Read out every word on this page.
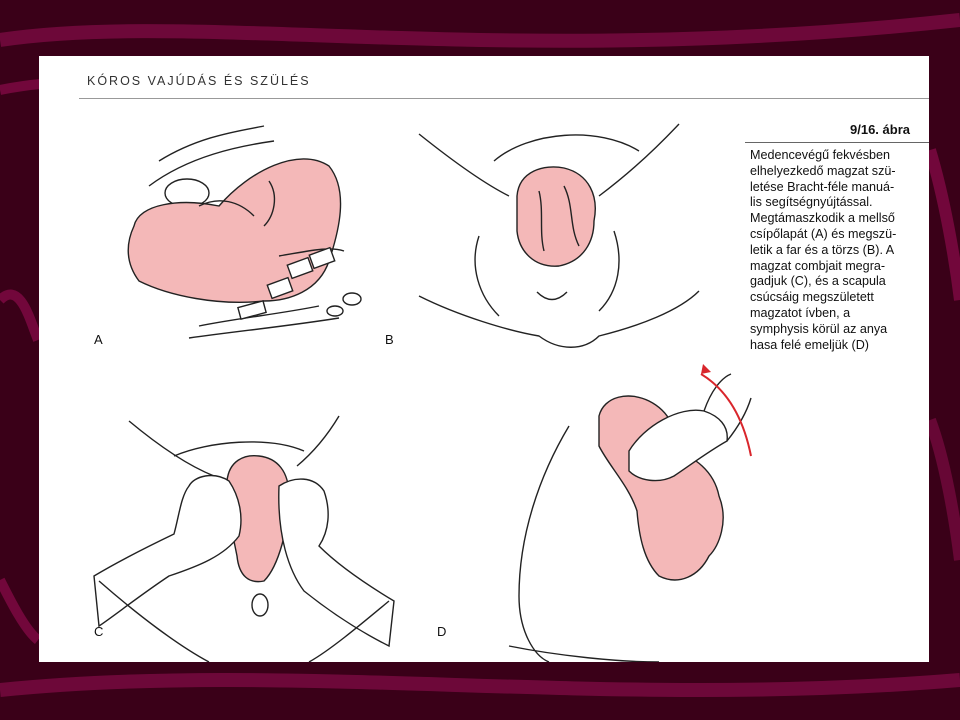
KÓROS VAJÚDÁS ÉS SZÜLÉS
9/16. ábra
Medencevégű fekvésben
elhelyezkedő magzat szü-
letése Bracht-féle manuá-
lis segítségnyújtással.
Megtámaszkodik a mellső
csípőlapát (A) és megszü-
letik a far és a törzs (B). A
magzat combjait megra-
gadjuk (C), és a scapula
csúcsáig megszületett
magzatot ívben, a
symphysis körül az anya
hasa felé emeljük (D)
A	B
C	D
